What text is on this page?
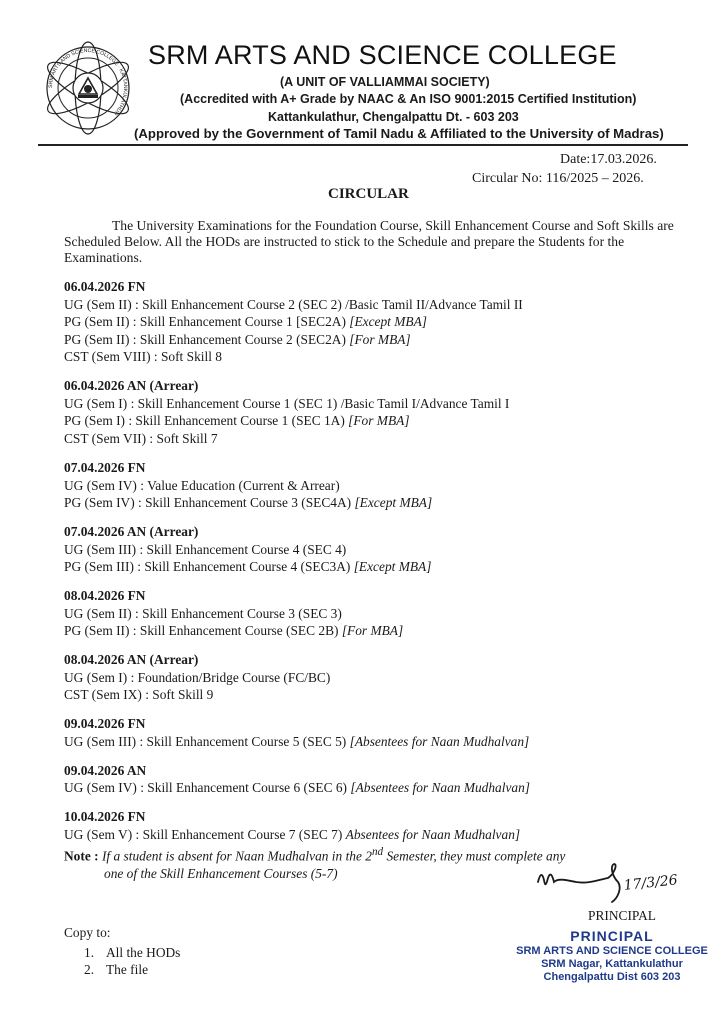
SRM ARTS AND SCIENCE COLLEGE · KATTANKULATHUR
SRM ARTS AND SCIENCE COLLEGE
(A UNIT OF VALLIAMMAI SOCIETY)
(Accredited with A+ Grade by NAAC & An ISO 9001:2015 Certified Institution)
Kattankulathur, Chengalpattu Dt. - 603 203
(Approved by the Government of Tamil Nadu & Affiliated to the University of Madras)
Date:17.03.2026.
Circular No: 116/2025 – 2026.
CIRCULAR
The University Examinations for the Foundation Course, Skill Enhancement Course and Soft Skills are Scheduled Below. All the HODs are instructed to stick to the Schedule and prepare the Students for the Examinations.
06.04.2026 FN
UG (Sem II) : Skill Enhancement Course 2 (SEC 2) /Basic Tamil II/Advance Tamil II
PG (Sem II) : Skill Enhancement Course 1 [SEC2A) [Except MBA]
PG (Sem II) : Skill Enhancement Course 2 (SEC2A) [For MBA]
CST (Sem VIII) : Soft Skill 8
06.04.2026 AN (Arrear)
UG (Sem I) : Skill Enhancement Course 1 (SEC 1) /Basic Tamil I/Advance Tamil I
PG (Sem I) : Skill Enhancement Course 1 (SEC 1A) [For MBA]
CST (Sem VII) : Soft Skill 7
07.04.2026 FN
UG (Sem IV) : Value Education (Current & Arrear)
PG (Sem IV) : Skill Enhancement Course 3 (SEC4A) [Except MBA]
07.04.2026 AN (Arrear)
UG (Sem III) : Skill Enhancement Course 4 (SEC 4)
PG (Sem III) : Skill Enhancement Course 4 (SEC3A) [Except MBA]
08.04.2026 FN
UG (Sem II) : Skill Enhancement Course 3 (SEC 3)
PG (Sem II) : Skill Enhancement Course (SEC 2B) [For MBA]
08.04.2026 AN (Arrear)
UG (Sem I) : Foundation/Bridge Course (FC/BC)
CST (Sem IX) : Soft Skill 9
09.04.2026 FN
UG (Sem III) : Skill Enhancement Course 5 (SEC 5) [Absentees for Naan Mudhalvan]
09.04.2026 AN
UG (Sem IV) : Skill Enhancement Course 6 (SEC 6) [Absentees for Naan Mudhalvan]
10.04.2026 FN
UG (Sem V) : Skill Enhancement Course 7 (SEC 7) Absentees for Naan Mudhalvan]
Note : If a student is absent for Naan Mudhalvan in the 2nd Semester, they must complete any
one of the Skill Enhancement Courses (5-7)	17/3/26
PRINCIPAL
Copy to:
1. All the HODs
2. The file
PRINCIPAL
SRM ARTS AND SCIENCE COLLEGE
SRM Nagar, Kattankulathur
Chengalpattu Dist 603 203
